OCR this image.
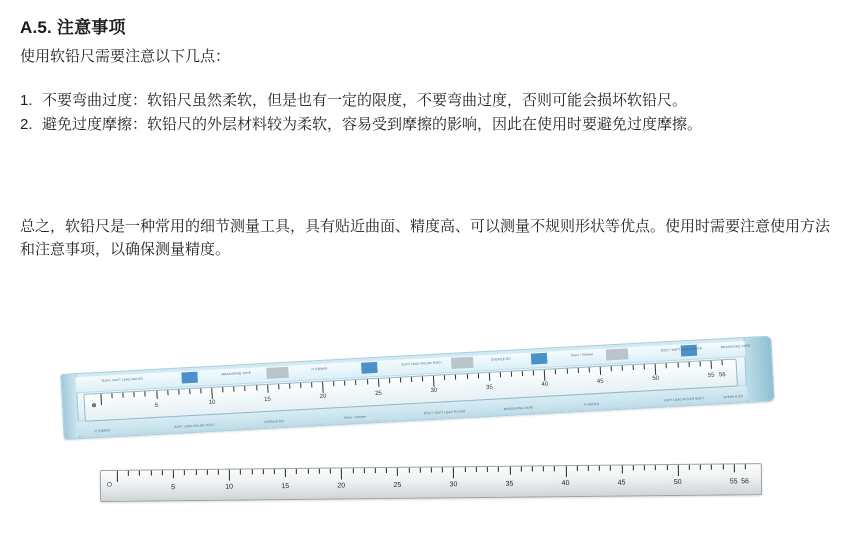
A.5. 注意事项
使用软铅尺需要注意以下几点：
1. 不要弯曲过度：软铅尺虽然柔软，但是也有一定的限度，不要弯曲过度，否则可能会损坏软铅尺。
2. 避免过度摩擦：软铅尺的外层材料较为柔软，容易受到摩擦的影响，因此在使用时要避免过度摩擦。
总之，软铅尺是一种常用的细节测量工具，具有贴近曲面、精度高、可以测量不规则形状等优点。使用时需要注意使用方法和注意事项，以确保测量精度。
软铅尺 SOFT LEAD RULER
MEASURING TAPE
医用级材料
SOFT LEAD RULER 软铅尺
STERILE EO
50cm / 500mm
软铅尺 SOFT LEAD RULER	MEASURING TAPE
医用级材料
SOFT LEAD RULER 软铅尺
STERILE EO
50cm / 500mm
软铅尺 SOFT LEAD RULER
MEASURING TAPE
医用级材料
SOFT LEAD RULER 软铅尺	STERILE EO
5	10	15	20	25	30	35	40	45	50	55 56
5	10	15	20	25	30	35	40	45	50	55 56
